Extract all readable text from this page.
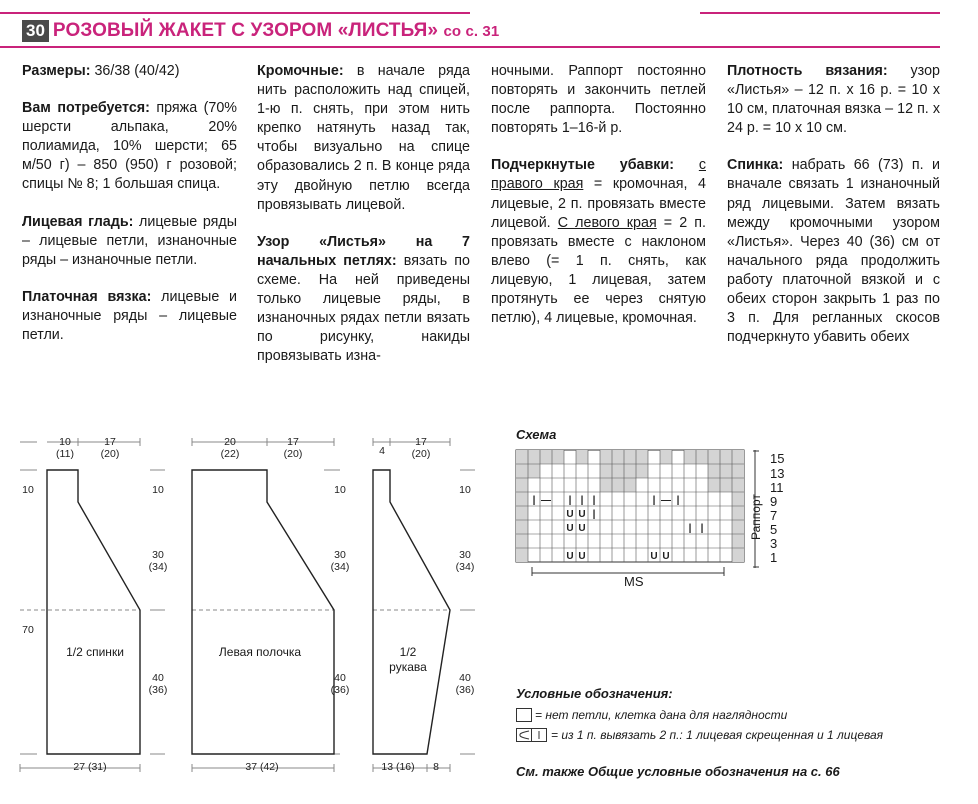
30 РОЗОВЫЙ ЖАКЕТ С УЗОРОМ «ЛИСТЬЯ» со с. 31

Размеры: 36/38 (40/42)

Вам потребуется: пряжа (70% шерсти альпака, 20% полиамида, 10% шерсти; 65 м/50 г) – 850 (950) г розовой; спицы № 8; 1 большая спица.

Лицевая гладь: лицевые ряды – лицевые петли, изнаночные ряды – изнаночные петли.

Платочная вязка: лицевые и изнаночные ряды – лицевые петли.

Кромочные: в начале ряда нить расположить над спицей, 1-ю п. снять, при этом нить крепко натянуть назад так, чтобы визуально на спице образовались 2 п. В конце ряда эту двойную петлю всегда провязывать лицевой.

Узор «Листья» на 7 начальных петлях: вязать по схеме. На ней приведены только лицевые ряды, в изнаночных рядах петли вязать по рисунку, накиды провязывать изна-

ночными. Раппорт постоянно повторять и закончить петлей после раппорта. Постоянно повторять 1–16-й р.

Подчеркнутые убавки: с правого края = кромочная, 4 лицевые, 2 п. провязать вместе лицевой. С левого края = 2 п. провязать вместе с наклоном влево (= 1 п. снять, как лицевую, 1 лицевая, затем протянуть ее через снятую петлю), 4 лицевые, кромочная.

Плотность вязания: узор «Листья» – 12 п. х 16 р. = 10 х 10 см, платочная вязка – 12 п. х 24 р. = 10 х 10 см.

Спинка: набрать 66 (73) п. и вначале связать 1 изнаночный ряд лицевыми. Затем вязать между кромочными узором «Листья». Через 40 (36) см от начального ряда продолжить работу платочной вязкой и с обеих сторон закрыть 1 раз по 3 п. Для регланных скосов подчеркнуто убавить обеих

10
(11)
17
(20)
10
70
10
30
(34)
40
(36)
27 (31)
1/2 спинки
20
(22)
17
(20)
10
30
(34)
40
(36)
37 (42)
Левая полочка
4
17
(20)
10
30
(34)
40
(36)
13 (16)	8
1/2
рукава
Схема
| | |	| — |
U U |
U U	| |
U U
U U
| —	Раппорт
15
13
11
9
7
5
3
1
MS
Условные обозначения:
= нет петли, клетка дана для наглядности
= из 1 п. вывязать 2 п.: 1 лицевая скрещенная и 1 лицевая
См. также Общие условные обозначения на с. 66
